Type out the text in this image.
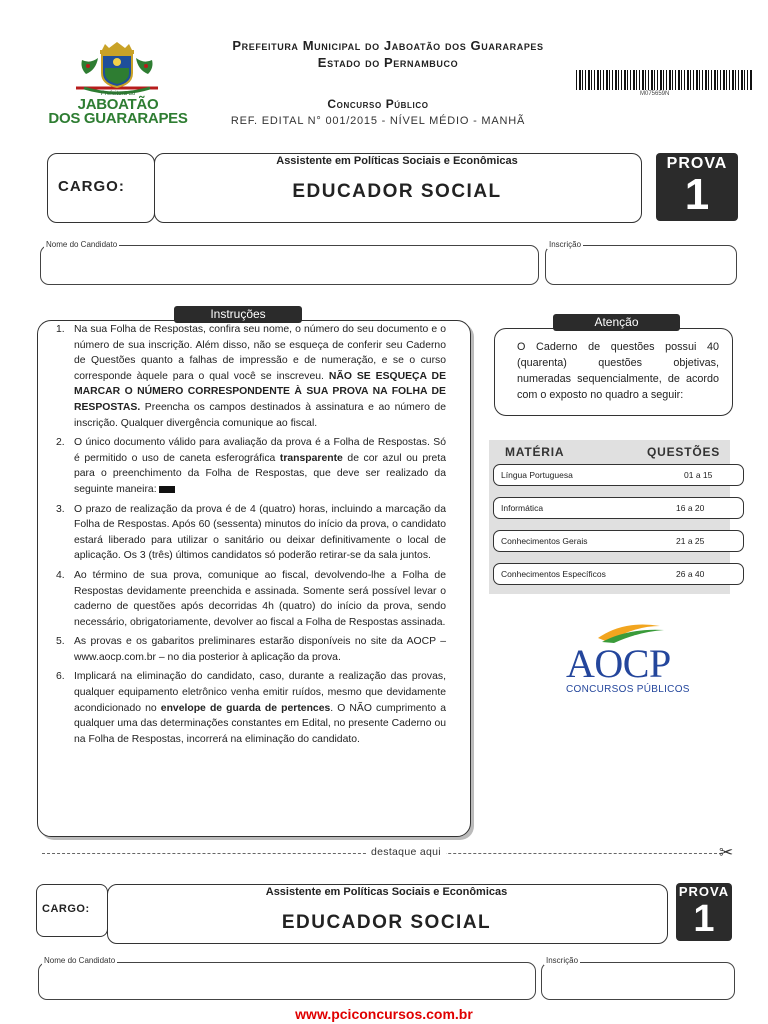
Prefeitura do
JABOATÃO
DOS GUARARAPES
Prefeitura Municipal do Jaboatão dos Guararapes
Estado do Pernambuco
Concurso Público
REF. EDITAL N° 001/2015 - NÍVEL MÉDIO - MANHÃ
M075659N
CARGO:
Assistente em Políticas Sociais e Econômicas
EDUCADOR SOCIAL
PROVA
1
Nome do Candidato	Inscrição
Instruções
1. Na sua Folha de Respostas, confira seu nome, o número do seu documento e o número de sua inscrição. Além disso, não se esqueça de conferir seu Caderno de Questões quanto a falhas de impressão e de numeração, e se o curso corresponde àquele para o qual você se inscreveu. NÃO SE ESQUEÇA DE MARCAR O NÚMERO CORRESPONDENTE À SUA PROVA NA FOLHA DE RESPOSTAS. Preencha os campos destinados à assinatura e ao número de inscrição. Qualquer divergência comunique ao fiscal.
2. O único documento válido para avaliação da prova é a Folha de Respostas. Só é permitido o uso de caneta esferográfica transparente de cor azul ou preta para o preenchimento da Folha de Respostas, que deve ser realizado da seguinte maneira:
3. O prazo de realização da prova é de 4 (quatro) horas, incluindo a marcação da Folha de Respostas. Após 60 (sessenta) minutos do início da prova, o candidato estará liberado para utilizar o sanitário ou deixar definitivamente o local de aplicação. Os 3 (três) últimos candidatos só poderão retirar-se da sala juntos.
4. Ao término de sua prova, comunique ao fiscal, devolvendo-lhe a Folha de Respostas devidamente preenchida e assinada. Somente será possível levar o caderno de questões após decorridas 4h (quatro) do início da prova, sendo necessário, obrigatoriamente, devolver ao fiscal a Folha de Respostas assinada.
5. As provas e os gabaritos preliminares estarão disponíveis no site da AOCP – www.aocp.com.br – no dia posterior à aplicação da prova.
6. Implicará na eliminação do candidato, caso, durante a realização das provas, qualquer equipamento eletrônico venha emitir ruídos, mesmo que devidamente acondicionado no envelope de guarda de pertences. O NÃO cumprimento a qualquer uma das determinações constantes em Edital, no presente Caderno ou na Folha de Respostas, incorrerá na eliminação do candidato.
Atenção
O Caderno de questões possui 40 (quarenta) questões objetivas, numeradas sequencialmente, de acordo com o exposto no quadro a seguir:
MATÉRIA	QUESTÕES
Língua Portuguesa	01 a 15
Informática	16 a 20
Conhecimentos Gerais	21 a 25
Conhecimentos Específicos	26 a 40
AOCP
CONCURSOS PÚBLICOS
destaque aqui	✂
CARGO:
Assistente em Políticas Sociais e Econômicas
EDUCADOR SOCIAL
PROVA
1
Nome do Candidato	Inscrição
www.pciconcursos.com.br
